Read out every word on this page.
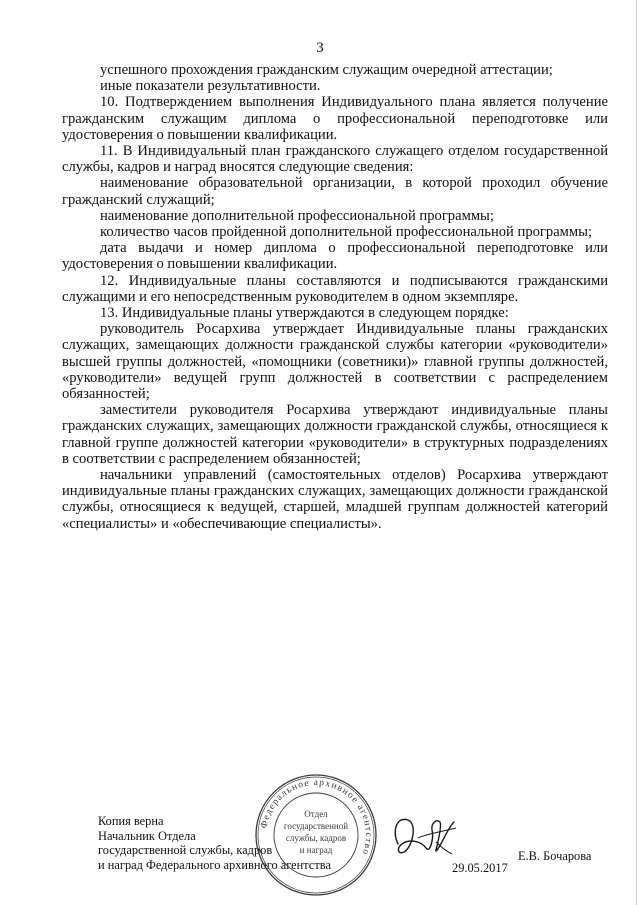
3

успешного прохождения гражданским служащим очередной аттестации;

иные показатели результативности.

10. Подтверждением выполнения Индивидуального плана является получение гражданским служащим диплома о профессиональной переподготовке или удостоверения о повышении квалификации.

11. В Индивидуальный план гражданского служащего отделом государственной службы, кадров и наград вносятся следующие сведения:

наименование образовательной организации, в которой проходил обучение гражданский служащий;

наименование дополнительной профессиональной программы;

количество часов пройденной дополнительной профессиональной программы;

дата выдачи и номер диплома о профессиональной переподготовке или удостоверения о повышении квалификации.

12. Индивидуальные планы составляются и подписываются гражданскими служащими и его непосредственным руководителем в одном экземпляре.

13. Индивидуальные планы утверждаются в следующем порядке:

руководитель Росархива утверждает Индивидуальные планы гражданских служащих, замещающих должности гражданской службы категории «руководители» высшей группы должностей, «помощники (советники)» главной группы должностей, «руководители» ведущей групп должностей в соответствии с распределением обязанностей;

заместители руководителя Росархива утверждают индивидуальные планы гражданских служащих, замещающих должности гражданской службы, относящиеся к главной группе должностей категории «руководители» в структурных подразделениях в соответствии с распределением обязанностей;

начальники управлений (самостоятельных отделов) Росархива утверждают индивидуальные планы гражданских служащих, замещающих должности гражданской службы, относящиеся к ведущей, старшей, младшей группам должностей категорий «специалисты» и «обеспечивающие специалисты».

Копия верна
Начальник Отдела
государственной службы, кадров
и наград Федерального архивного агентства
Федеральное архивное агентство
Отдел
государственной
службы, кадров
и наград
29.05.2017
Е.В. Бочарова
